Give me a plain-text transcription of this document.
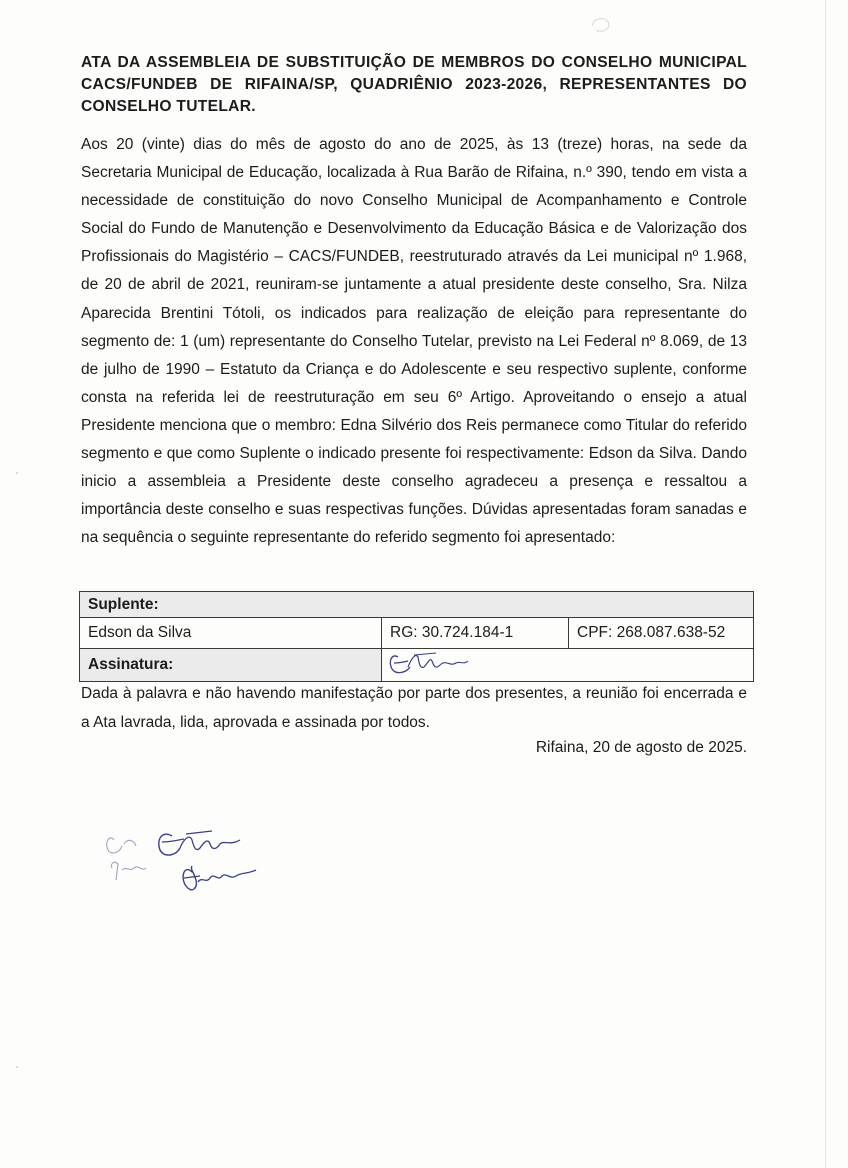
ATA DA ASSEMBLEIA DE SUBSTITUIÇÃO DE MEMBROS DO CONSELHO MUNICIPAL CACS/FUNDEB DE RIFAINA/SP, QUADRIÊNIO 2023-2026, REPRESENTANTES DO CONSELHO TUTELAR.

Aos 20 (vinte) dias do mês de agosto do ano de 2025, às 13 (treze) horas, na sede da Secretaria Municipal de Educação, localizada à Rua Barão de Rifaina, n.º 390, tendo em vista a necessidade de constituição do novo Conselho Municipal de Acompanhamento e Controle Social do Fundo de Manutenção e Desenvolvimento da Educação Básica e de Valorização dos Profissionais do Magistério – CACS/FUNDEB, reestruturado através da Lei municipal nº 1.968, de 20 de abril de 2021, reuniram-se juntamente a atual presidente deste conselho, Sra. Nilza Aparecida Brentini Tótoli, os indicados para realização de eleição para representante do segmento de: 1 (um) representante do Conselho Tutelar, previsto na Lei Federal nº 8.069, de 13 de julho de 1990 – Estatuto da Criança e do Adolescente e seu respectivo suplente, conforme consta na referida lei de reestruturação em seu 6º Artigo. Aproveitando o ensejo a atual Presidente menciona que o membro: Edna Silvério dos Reis permanece como Titular do referido segmento e que como Suplente o indicado presente foi respectivamente: Edson da Silva. Dando inicio a assembleia a Presidente deste conselho agradeceu a presença e ressaltou a importância deste conselho e suas respectivas funções. Dúvidas apresentadas foram sanadas e na sequência o seguinte representante do referido segmento foi apresentado:

Suplente:		
Edson da Silva	RG: 30.724.184-1	CPF: 268.087.638-52
Assinatura:	

Dada à palavra e não havendo manifestação por parte dos presentes, a reunião foi encerrada e a Ata lavrada, lida, aprovada e assinada por todos.

Rifaina, 20 de agosto de 2025.
